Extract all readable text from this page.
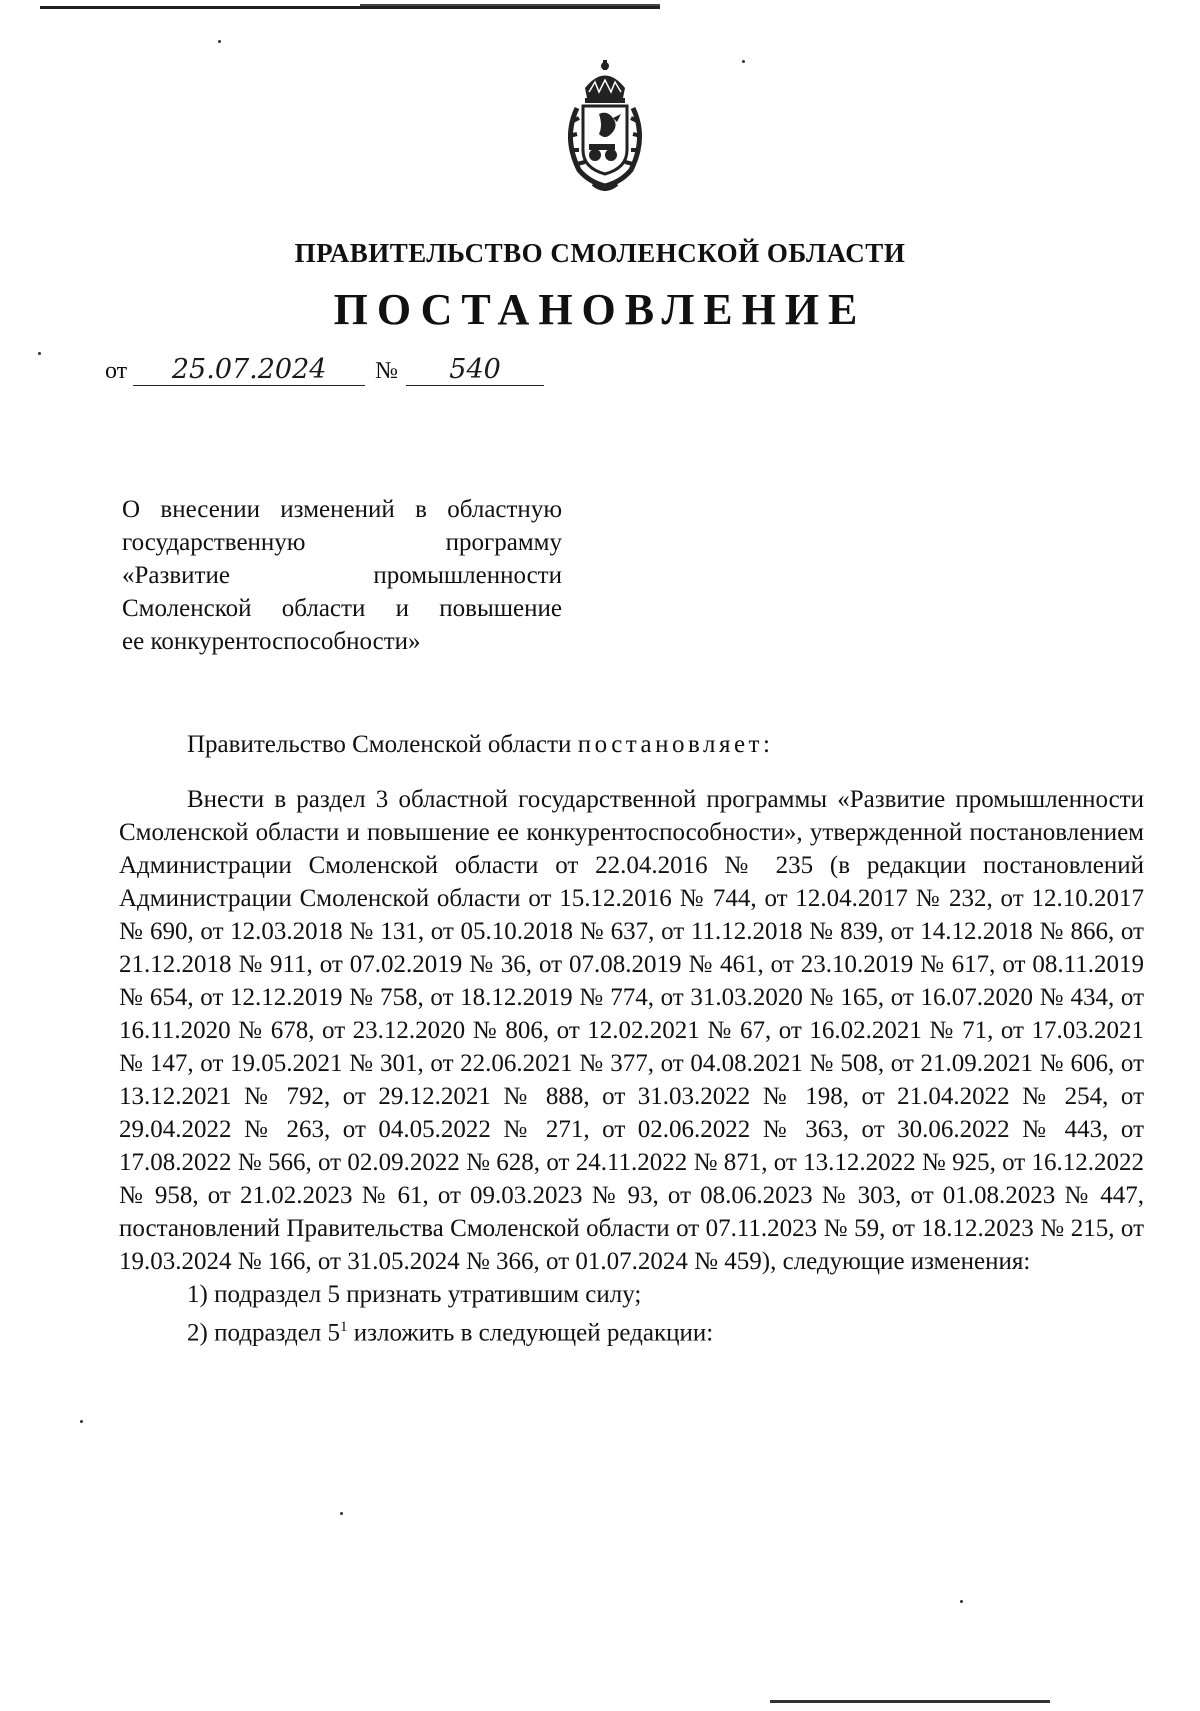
ПРАВИТЕЛЬСТВО СМОЛЕНСКОЙ ОБЛАСТИ
ПОСТАНОВЛЕНИЕ
от 25.07.2024 № 540
О внесении изменений в областную
государственную программу
«Развитие промышленности
Смоленской области и повышение
ее конкурентоспособности»

Правительство Смоленской области постановляет:

Внести в раздел 3 областной государственной программы «Развитие промышленности Смоленской области и повышение ее конкурентоспособности», утвержденной постановлением Администрации Смоленской области от 22.04.2016 № 235 (в редакции постановлений Администрации Смоленской области от 15.12.2016 № 744, от 12.04.2017 № 232, от 12.10.2017 № 690, от 12.03.2018 № 131, от 05.10.2018 № 637, от 11.12.2018 № 839, от 14.12.2018 № 866, от 21.12.2018 № 911, от 07.02.2019 № 36, от 07.08.2019 № 461, от 23.10.2019 № 617, от 08.11.2019 № 654, от 12.12.2019 № 758, от 18.12.2019 № 774, от 31.03.2020 № 165, от 16.07.2020 № 434, от 16.11.2020 № 678, от 23.12.2020 № 806, от 12.02.2021 № 67, от 16.02.2021 № 71, от 17.03.2021 № 147, от 19.05.2021 № 301, от 22.06.2021 № 377, от 04.08.2021 № 508, от 21.09.2021 № 606, от 13.12.2021 № 792, от 29.12.2021 № 888, от 31.03.2022 № 198, от 21.04.2022 № 254, от 29.04.2022 № 263, от 04.05.2022 № 271, от 02.06.2022 № 363, от 30.06.2022 № 443, от 17.08.2022 № 566, от 02.09.2022 № 628, от 24.11.2022 № 871, от 13.12.2022 № 925, от 16.12.2022 № 958, от 21.02.2023 № 61, от 09.03.2023 № 93, от 08.06.2023 № 303, от 01.08.2023 № 447, постановлений Правительства Смоленской области от 07.11.2023 № 59, от 18.12.2023 № 215, от 19.03.2024 № 166, от 31.05.2024 № 366, от 01.07.2024 № 459), следующие изменения:

1) подраздел 5 признать утратившим силу;

2) подраздел $5^1$ изложить в следующей редакции:
